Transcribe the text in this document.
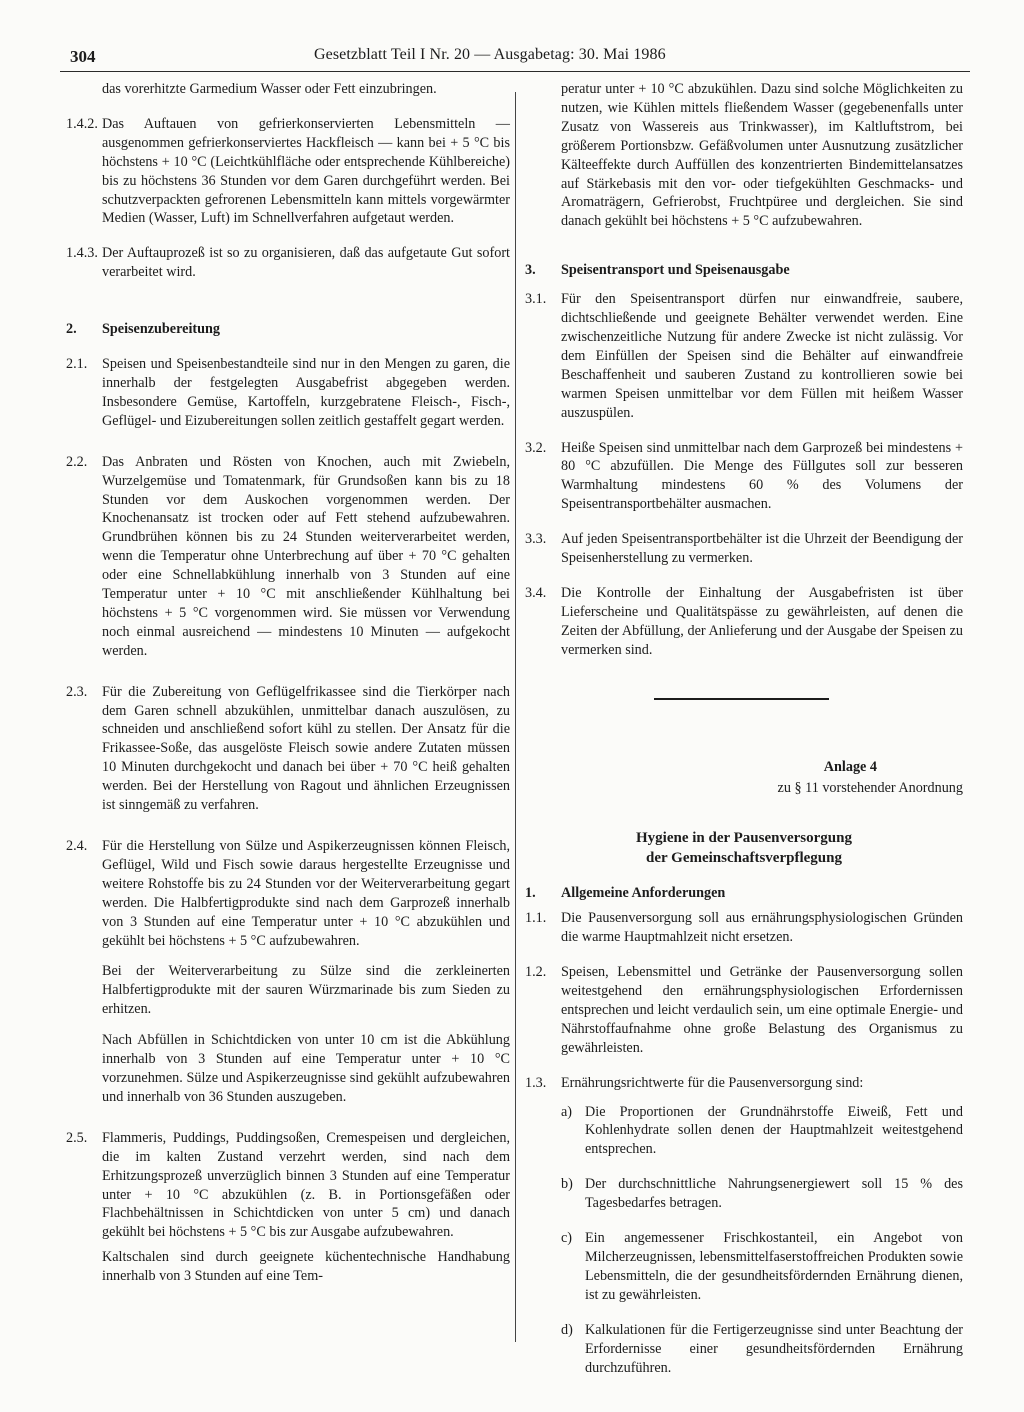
304	Gesetzblatt Teil I Nr. 20 — Ausgabetag: 30. Mai 1986
das vorerhitzte Garmedium Wasser oder Fett einzubringen.
1.4.2. Das Auftauen von gefrierkonservierten Lebensmitteln — ausgenommen gefrierkonserviertes Hackfleisch — kann bei + 5 °C bis höchstens + 10 °C (Leichtkühlfläche oder entsprechende Kühlbereiche) bis zu höchstens 36 Stunden vor dem Garen durchgeführt werden. Bei schutzverpackten gefrorenen Lebensmitteln kann mittels vorgewärmter Medien (Wasser, Luft) im Schnellverfahren aufgetaut werden.
1.4.3. Der Auftauprozeß ist so zu organisieren, daß das aufgetaute Gut sofort verarbeitet wird.
2.	Speisenzubereitung
2.1.	Speisen und Speisenbestandteile sind nur in den Mengen zu garen, die innerhalb der festgelegten Ausgabefrist abgegeben werden. Insbesondere Gemüse, Kartoffeln, kurzgebratene Fleisch-, Fisch-, Geflügel- und Eizubereitungen sollen zeitlich gestaffelt gegart werden.
2.2.	Das Anbraten und Rösten von Knochen, auch mit Zwiebeln, Wurzelgemüse und Tomatenmark, für Grundsoßen kann bis zu 18 Stunden vor dem Auskochen vorgenommen werden. Der Knochenansatz ist trocken oder auf Fett stehend aufzubewahren. Grundbrühen können bis zu 24 Stunden weiterverarbeitet werden, wenn die Temperatur ohne Unterbrechung auf über + 70 °C gehalten oder eine Schnellabkühlung innerhalb von 3 Stunden auf eine Temperatur unter + 10 °C mit anschließender Kühlhaltung bei höchstens + 5 °C vorgenommen wird. Sie müssen vor Verwendung noch einmal ausreichend — mindestens 10 Minuten — aufgekocht werden.
2.3.	Für die Zubereitung von Geflügelfrikassee sind die Tierkörper nach dem Garen schnell abzukühlen, unmittelbar danach auszulösen, zu schneiden und anschließend sofort kühl zu stellen. Der Ansatz für die Frikassee-Soße, das ausgelöste Fleisch sowie andere Zutaten müssen 10 Minuten durchgekocht und danach bei über + 70 °C heiß gehalten werden. Bei der Herstellung von Ragout und ähnlichen Erzeugnissen ist sinngemäß zu verfahren.
2.4.	Für die Herstellung von Sülze und Aspikerzeugnissen können Fleisch, Geflügel, Wild und Fisch sowie daraus hergestellte Erzeugnisse und weitere Rohstoffe bis zu 24 Stunden vor der Weiterverarbeitung gegart werden. Die Halbfertigprodukte sind nach dem Garprozeß innerhalb von 3 Stunden auf eine Temperatur unter + 10 °C abzukühlen und gekühlt bei höchstens + 5 °C aufzubewahren.
Bei der Weiterverarbeitung zu Sülze sind die zerkleinerten Halbfertigprodukte mit der sauren Würzmarinade bis zum Sieden zu erhitzen.
Nach Abfüllen in Schichtdicken von unter 10 cm ist die Abkühlung innerhalb von 3 Stunden auf eine Temperatur unter + 10 °C vorzunehmen. Sülze und Aspikerzeugnisse sind gekühlt aufzubewahren und innerhalb von 36 Stunden auszugeben.
2.5.	Flammeris, Puddings, Puddingsoßen, Cremespeisen und dergleichen, die im kalten Zustand verzehrt werden, sind nach dem Erhitzungsprozeß unverzüglich binnen 3 Stunden auf eine Temperatur unter + 10 °C abzukühlen (z. B. in Portionsgefäßen oder Flachbehältnissen in Schichtdicken von unter 5 cm) und danach gekühlt bei höchstens + 5 °C bis zur Ausgabe aufzubewahren.
Kaltschalen sind durch geeignete küchentechnische Handhabung innerhalb von 3 Stunden auf eine Tem-
peratur unter + 10 °C abzukühlen. Dazu sind solche Möglichkeiten zu nutzen, wie Kühlen mittels fließendem Wasser (gegebenenfalls unter Zusatz von Wassereis aus Trinkwasser), im Kaltluftstrom, bei größerem Portionsbzw. Gefäßvolumen unter Ausnutzung zusätzlicher Kälteeffekte durch Auffüllen des konzentrierten Bindemittelansatzes auf Stärkebasis mit den vor- oder tiefgekühlten Geschmacks- und Aromaträgern, Gefrierobst, Fruchtpüree und dergleichen. Sie sind danach gekühlt bei höchstens + 5 °C aufzubewahren.
3.	Speisentransport und Speisenausgabe
3.1.	Für den Speisentransport dürfen nur einwandfreie, saubere, dichtschließende und geeignete Behälter verwendet werden. Eine zwischenzeitliche Nutzung für andere Zwecke ist nicht zulässig. Vor dem Einfüllen der Speisen sind die Behälter auf einwandfreie Beschaffenheit und sauberen Zustand zu kontrollieren sowie bei warmen Speisen unmittelbar vor dem Füllen mit heißem Wasser auszuspülen.
3.2.	Heiße Speisen sind unmittelbar nach dem Garprozeß bei mindestens + 80 °C abzufüllen. Die Menge des Füllgutes soll zur besseren Warmhaltung mindestens 60 % des Volumens der Speisentransportbehälter ausmachen.
3.3.	Auf jeden Speisentransportbehälter ist die Uhrzeit der Beendigung der Speisenherstellung zu vermerken.
3.4.	Die Kontrolle der Einhaltung der Ausgabefristen ist über Lieferscheine und Qualitätspässe zu gewährleisten, auf denen die Zeiten der Abfüllung, der Anlieferung und der Ausgabe der Speisen zu vermerken sind.
Anlage 4
zu § 11 vorstehender Anordnung
Hygiene in der Pausenversorgung
der Gemeinschaftsverpflegung
1.	Allgemeine Anforderungen
1.1.	Die Pausenversorgung soll aus ernährungsphysiologischen Gründen die warme Hauptmahlzeit nicht ersetzen.
1.2.	Speisen, Lebensmittel und Getränke der Pausenversorgung sollen weitestgehend den ernährungsphysiologischen Erfordernissen entsprechen und leicht verdaulich sein, um eine optimale Energie- und Nährstoffaufnahme ohne große Belastung des Organismus zu gewährleisten.
1.3.	Ernährungsrichtwerte für die Pausenversorgung sind:
a) Die Proportionen der Grundnährstoffe Eiweiß, Fett und Kohlenhydrate sollen denen der Hauptmahlzeit weitestgehend entsprechen.
b) Der durchschnittliche Nahrungsenergiewert soll 15 % des Tagesbedarfes betragen.
c) Ein angemessener Frischkostanteil, ein Angebot von Milcherzeugnissen, lebensmittelfaserstoffreichen Produkten sowie Lebensmitteln, die der gesundheitsfördernden Ernährung dienen, ist zu gewährleisten.
d) Kalkulationen für die Fertigerzeugnisse sind unter Beachtung der Erfordernisse einer gesundheitsfördernden Ernährung durchzuführen.
